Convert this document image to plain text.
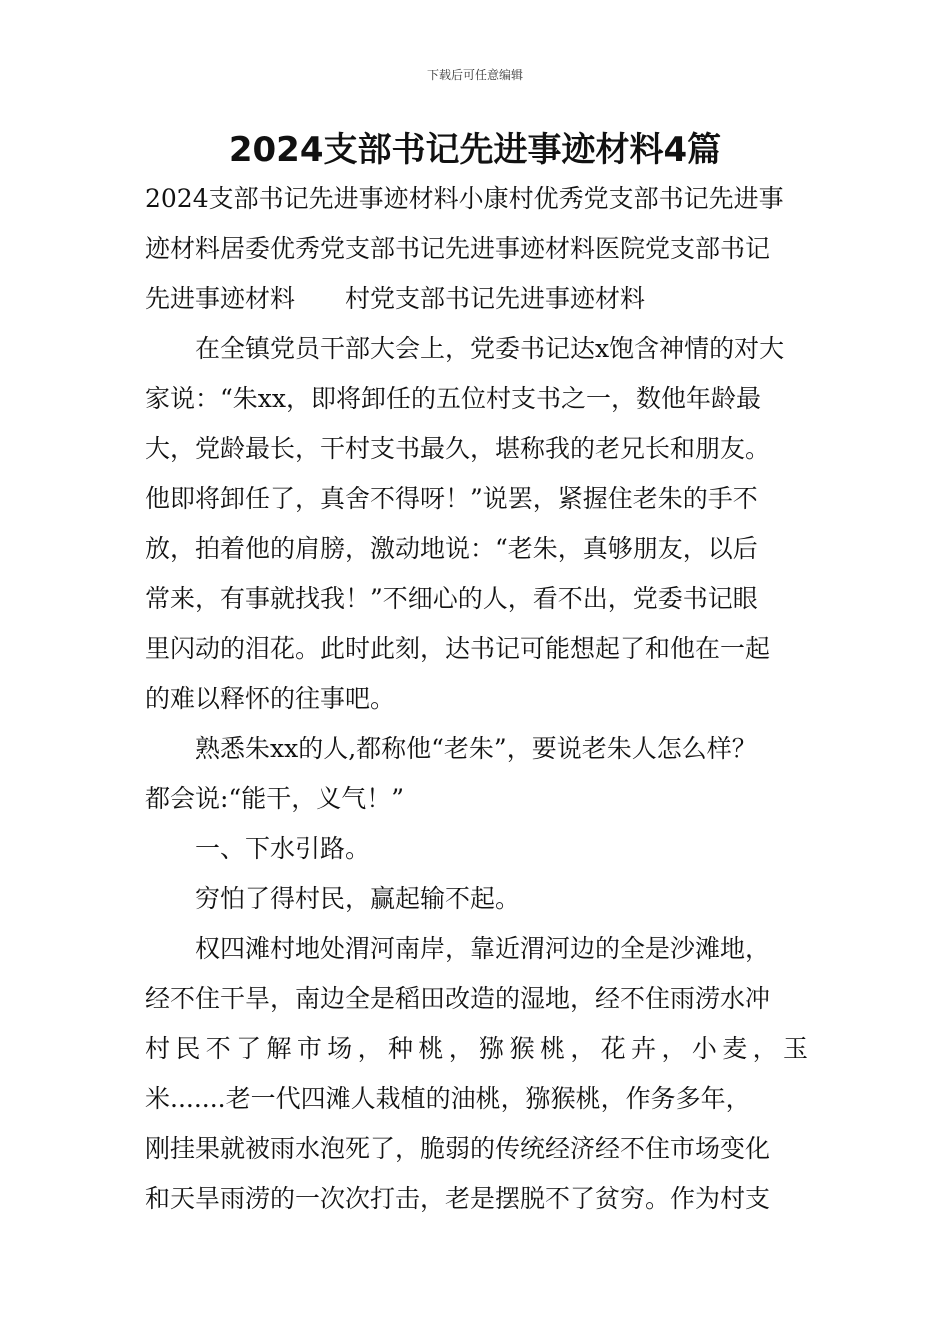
下载后可任意编辑
2024支部书记先进事迹材料4篇
2024支部书记先进事迹材料小康村优秀党支部书记先进事
迹材料居委优秀党支部书记先进事迹材料医院党支部书记
先进事迹材料 村党支部书记先进事迹材料
在全镇党员干部大会上，党委书记达x饱含神情的对大
家说：“朱xx，即将卸任的五位村支书之一，数他年龄最
大，党龄最长，干村支书最久，堪称我的老兄长和朋友。
他即将卸任了，真舍不得呀！”说罢，紧握住老朱的手不
放，拍着他的肩膀，激动地说：“老朱，真够朋友，以后
常来，有事就找我！”不细心的人，看不出，党委书记眼
里闪动的泪花。此时此刻，达书记可能想起了和他在一起
的难以释怀的往事吧。
熟悉朱xx的人,都称他“老朱”，要说老朱人怎么样？
都会说:“能干，义气！”
一、下水引路。
穷怕了得村民，赢起输不起。
权四滩村地处渭河南岸，靠近渭河边的全是沙滩地，
经不住干旱，南边全是稻田改造的湿地，经不住雨涝水冲
村民不了解市场，种桃，猕猴桃，花卉，小麦，玉
米.......老一代四滩人栽植的油桃，猕猴桃，作务多年，
刚挂果就被雨水泡死了，脆弱的传统经济经不住市场变化
和天旱雨涝的一次次打击，老是摆脱不了贫穷。作为村支
